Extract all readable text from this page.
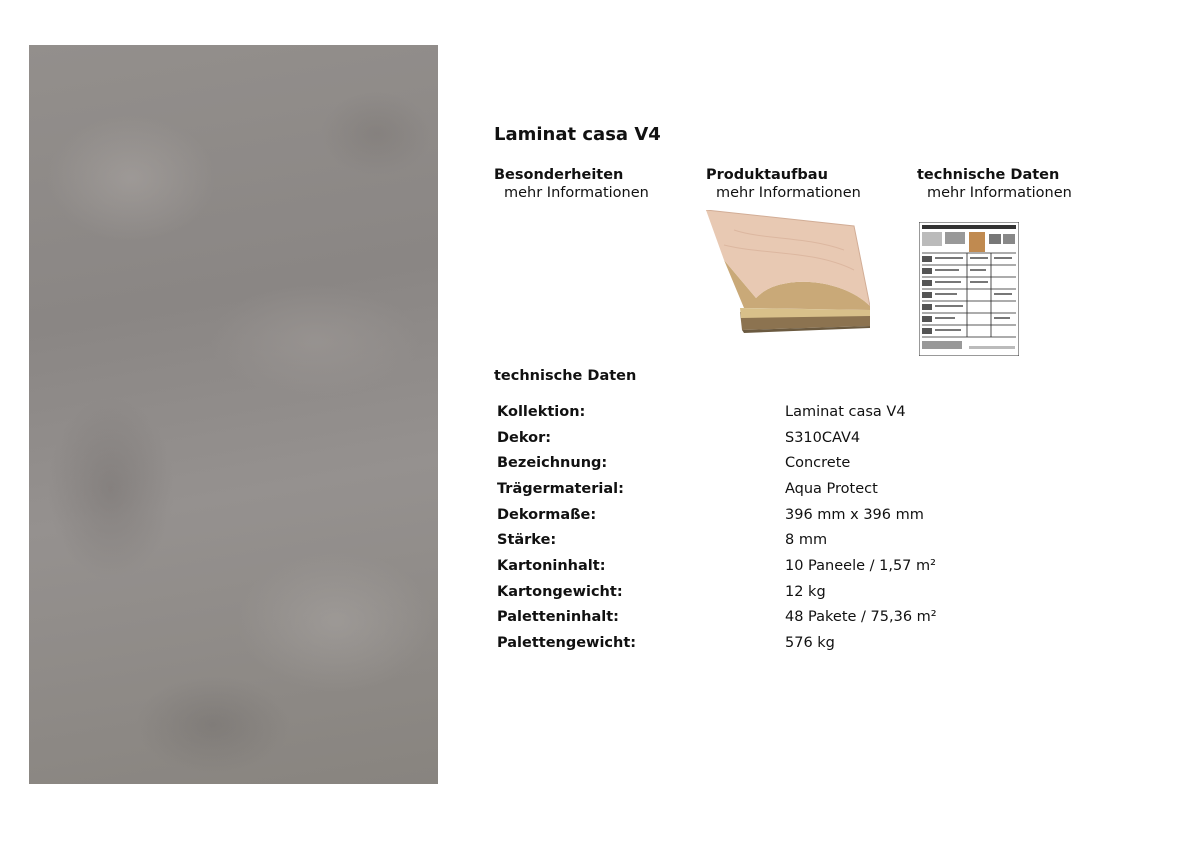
Laminat casa V4
Besonderheiten
mehr Informationen
Produktaufbau
mehr Informationen
technische Daten
mehr Informationen
technische Daten
Kollektion:	Laminat casa V4
Dekor:	S310CAV4
Bezeichnung:	Concrete
Trägermaterial:	Aqua Protect
Dekormaße:	396 mm x 396 mm
Stärke:	8 mm
Kartoninhalt:	10 Paneele / 1,57 m²
Kartongewicht:	12 kg
Paletteninhalt:	48 Pakete / 75,36 m²
Palettengewicht:	576 kg
